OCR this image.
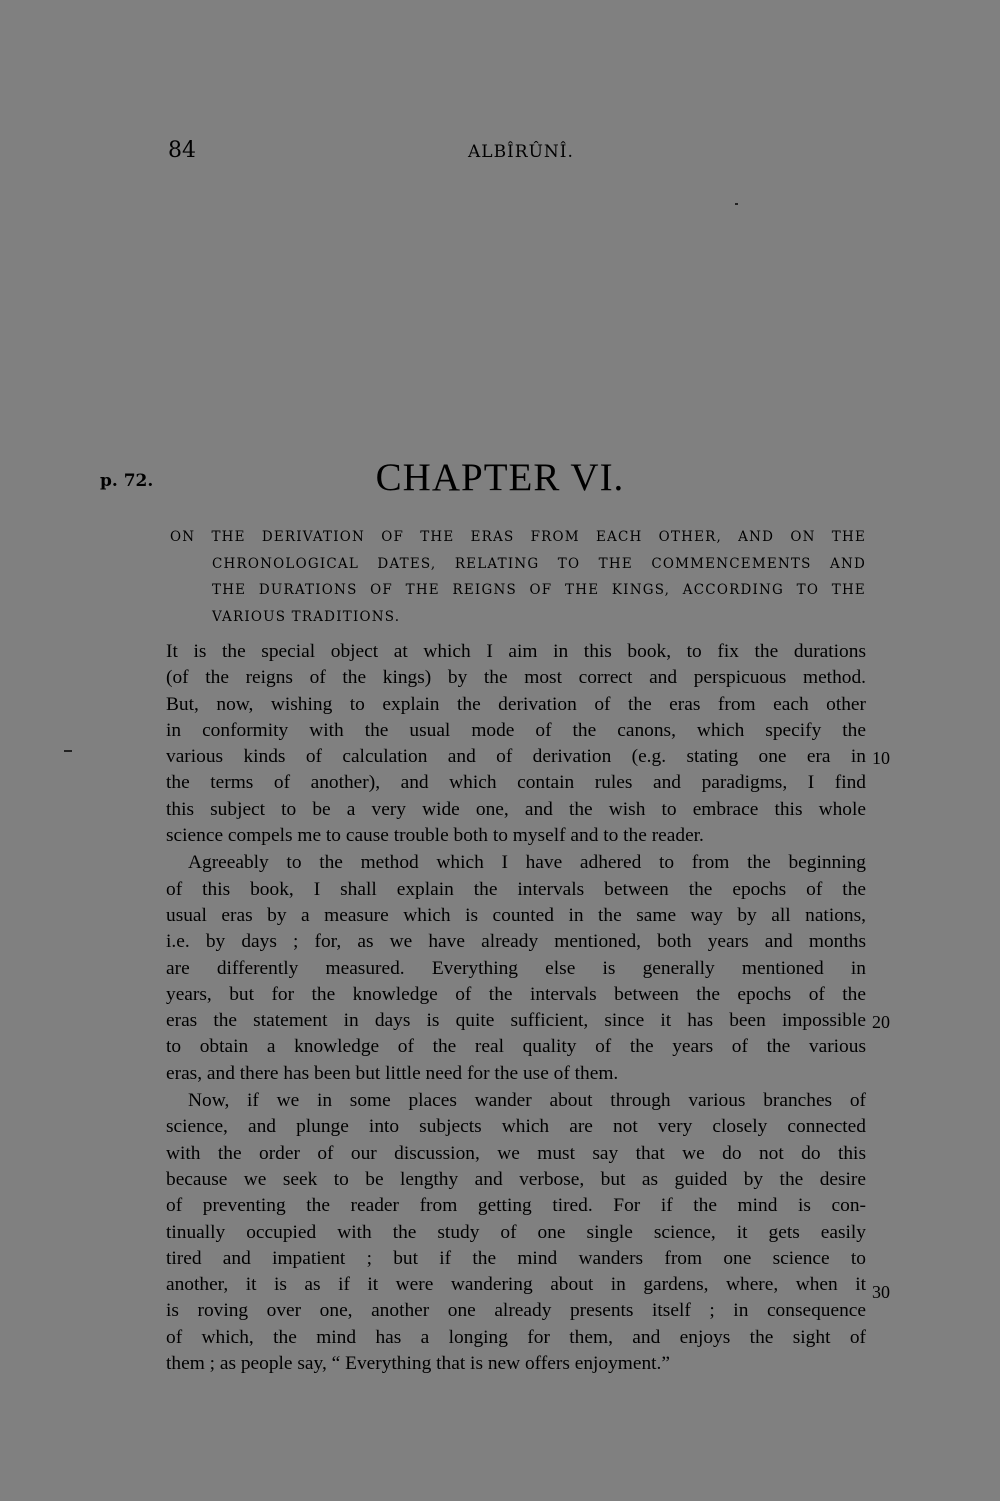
84	ALBÎRÛNÎ.
p. 72.	CHAPTER VI.
ON THE DERIVATION OF THE ERAS FROM EACH OTHER, AND ON THE
CHRONOLOGICAL DATES, RELATING TO THE COMMENCEMENTS AND
THE DURATIONS OF THE REIGNS OF THE KINGS, ACCORDING TO THE
VARIOUS TRADITIONS.
It is the special object at which I aim in this book, to fix the durations
(of the reigns of the kings) by the most correct and perspicuous method.
But, now, wishing to explain the derivation of the eras from each other
in conformity with the usual mode of the canons, which specify the
various kinds of calculation and of derivation (e.g. stating one era in
the terms of another), and which contain rules and paradigms, I find
this subject to be a very wide one, and the wish to embrace this whole
science compels me to cause trouble both to myself and to the reader.
Agreeably to the method which I have adhered to from the beginning
of this book, I shall explain the intervals between the epochs of the
usual eras by a measure which is counted in the same way by all nations,
i.e. by days ; for, as we have already mentioned, both years and months
are differently measured. Everything else is generally mentioned in
years, but for the knowledge of the intervals between the epochs of the
eras the statement in days is quite sufficient, since it has been impossible
to obtain a knowledge of the real quality of the years of the various
eras, and there has been but little need for the use of them.
Now, if we in some places wander about through various branches of
science, and plunge into subjects which are not very closely connected
with the order of our discussion, we must say that we do not do this
because we seek to be lengthy and verbose, but as guided by the desire
of preventing the reader from getting tired. For if the mind is con-
tinually occupied with the study of one single science, it gets easily
tired and impatient ; but if the mind wanders from one science to
another, it is as if it were wandering about in gardens, where, when it
is roving over one, another one already presents itself ; in consequence
of which, the mind has a longing for them, and enjoys the sight of
them ; as people say, “ Everything that is new offers enjoyment.”
10
20
30
